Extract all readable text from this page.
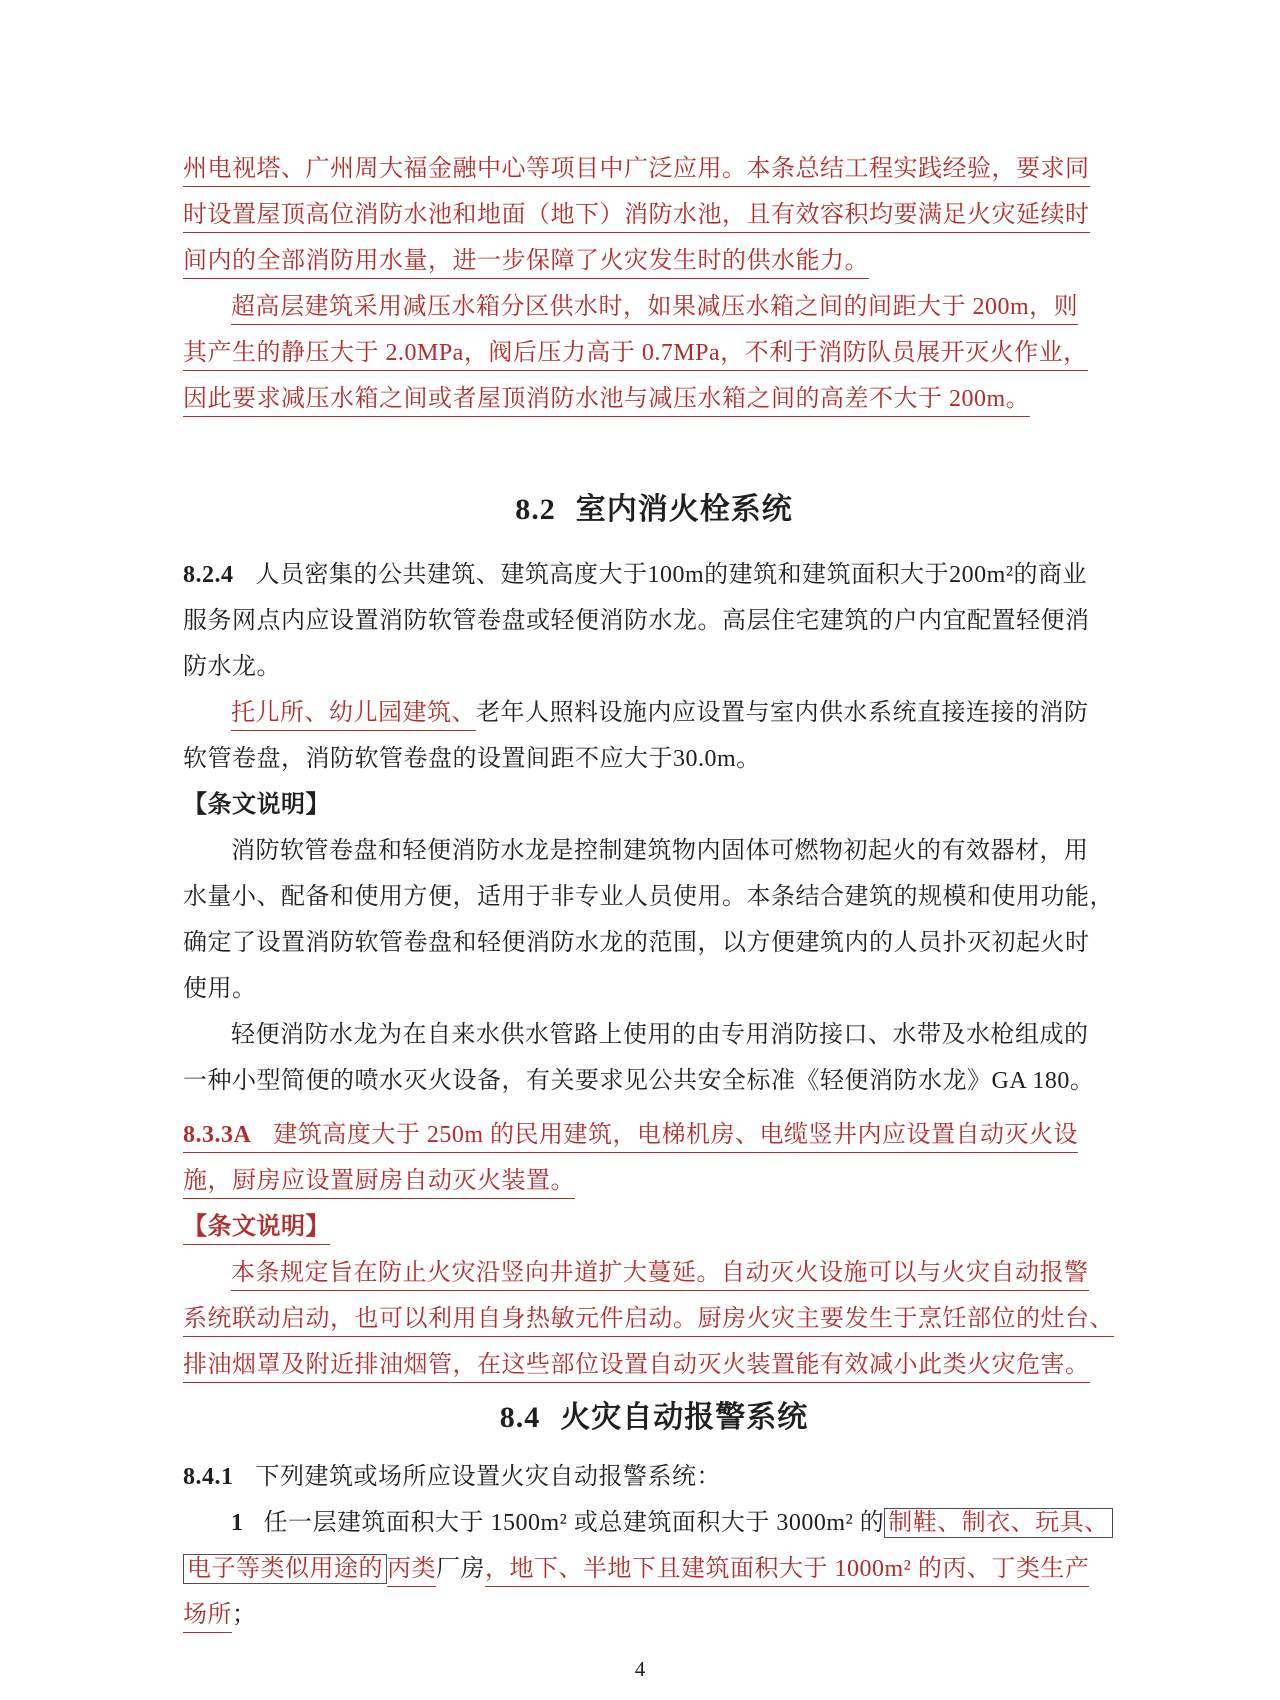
州电视塔、广州周大福金融中心等项目中广泛应用。本条总结工程实践经验，要求同
时设置屋顶高位消防水池和地面（地下）消防水池，且有效容积均要满足火灾延续时
间内的全部消防用水量，进一步保障了火灾发生时的供水能力。
超高层建筑采用减压水箱分区供水时，如果减压水箱之间的间距大于 200m，则
其产生的静压大于 2.0MPa，阀后压力高于 0.7MPa，不利于消防队员展开灭火作业，
因此要求减压水箱之间或者屋顶消防水池与减压水箱之间的高差不大于 200m。
8.2 室内消火栓系统
8.2.4 人员密集的公共建筑、建筑高度大于100m的建筑和建筑面积大于200m²的商业
服务网点内应设置消防软管卷盘或轻便消防水龙。高层住宅建筑的户内宜配置轻便消
防水龙。
托儿所、幼儿园建筑、老年人照料设施内应设置与室内供水系统直接连接的消防
软管卷盘，消防软管卷盘的设置间距不应大于30.0m。
【条文说明】
消防软管卷盘和轻便消防水龙是控制建筑物内固体可燃物初起火的有效器材，用
水量小、配备和使用方便，适用于非专业人员使用。本条结合建筑的规模和使用功能，
确定了设置消防软管卷盘和轻便消防水龙的范围，以方便建筑内的人员扑灭初起火时
使用。
轻便消防水龙为在自来水供水管路上使用的由专用消防接口、水带及水枪组成的
一种小型简便的喷水灭火设备，有关要求见公共安全标准《轻便消防水龙》GA 180。
8.3.3A 建筑高度大于 250m 的民用建筑，电梯机房、电缆竖井内应设置自动灭火设
施，厨房应设置厨房自动灭火装置。
【条文说明】
本条规定旨在防止火灾沿竖向井道扩大蔓延。自动灭火设施可以与火灾自动报警
系统联动启动，也可以利用自身热敏元件启动。厨房火灾主要发生于烹饪部位的灶台、
排油烟罩及附近排油烟管，在这些部位设置自动灭火装置能有效减小此类火灾危害。
8.4 火灾自动报警系统
8.4.1 下列建筑或场所应设置火灾自动报警系统：
1 任一层建筑面积大于 1500m² 或总建筑面积大于 3000m² 的 制鞋、制衣、玩具、
电子等类似用途的 丙类厂房，地下、半地下且建筑面积大于 1000m² 的丙、丁类生产
场所；
4
